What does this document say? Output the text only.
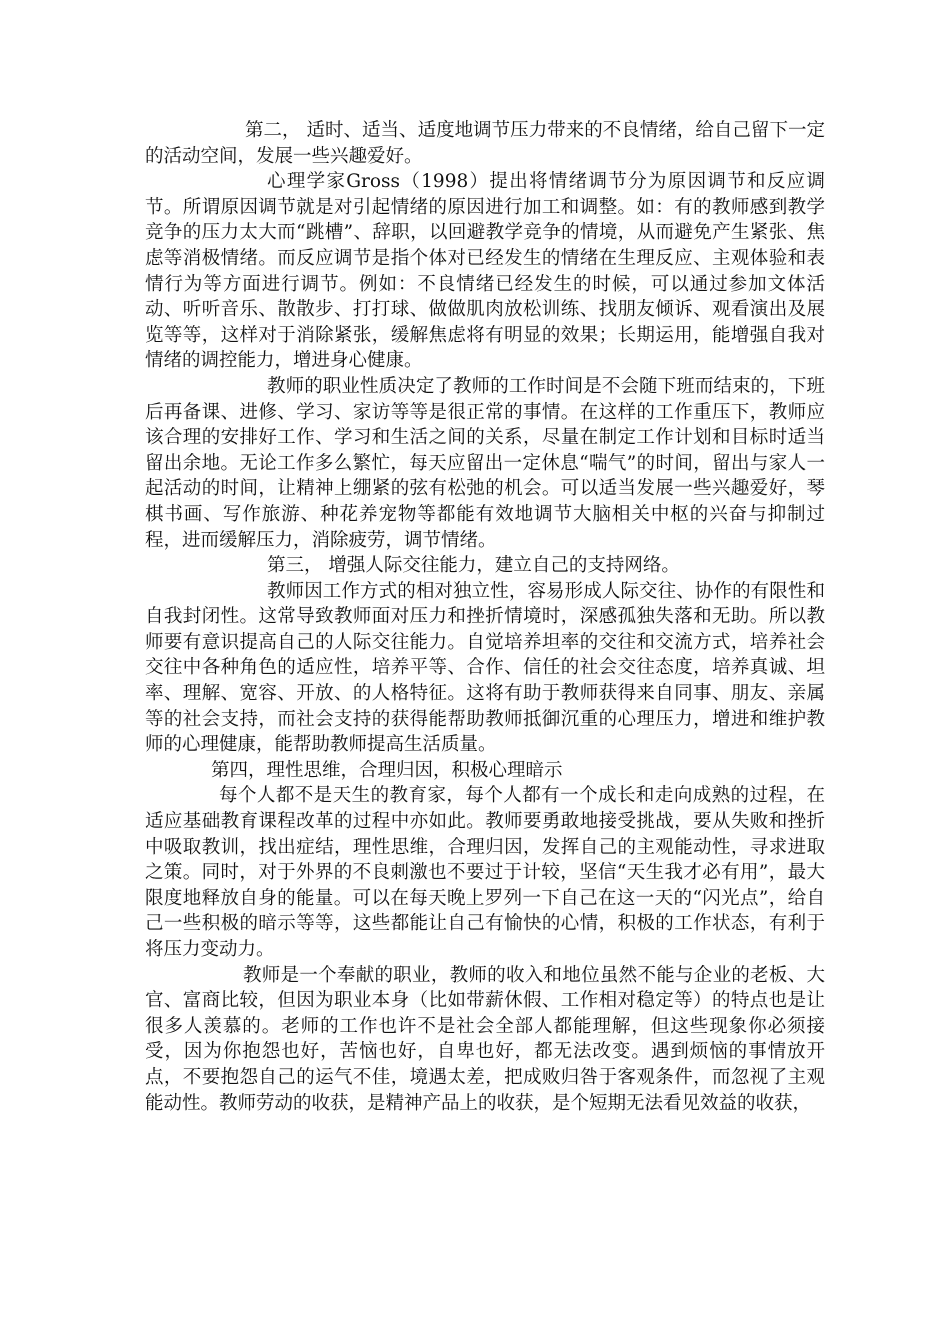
第二， 适时、适当、适度地调节压力带来的不良情绪，给自己留下一定的活动空间，发展一些兴趣爱好。

心理学家Gross（1998）提出将情绪调节分为原因调节和反应调节。所谓原因调节就是对引起情绪的原因进行加工和调整。如：有的教师感到教学竞争的压力太大而“跳槽”、辞职，以回避教学竞争的情境，从而避免产生紧张、焦虑等消极情绪。而反应调节是指个体对已经发生的情绪在生理反应、主观体验和表情行为等方面进行调节。例如：不良情绪已经发生的时候，可以通过参加文体活动、听听音乐、散散步、打打球、做做肌肉放松训练、找朋友倾诉、观看演出及展览等等，这样对于消除紧张，缓解焦虑将有明显的效果；长期运用，能增强自我对情绪的调控能力，增进身心健康。

教师的职业性质决定了教师的工作时间是不会随下班而结束的，下班后再备课、进修、学习、家访等等是很正常的事情。在这样的工作重压下，教师应该合理的安排好工作、学习和生活之间的关系，尽量在制定工作计划和目标时适当留出余地。无论工作多么繁忙，每天应留出一定休息“喘气”的时间，留出与家人一起活动的时间，让精神上绷紧的弦有松弛的机会。可以适当发展一些兴趣爱好，琴棋书画、写作旅游、种花养宠物等都能有效地调节大脑相关中枢的兴奋与抑制过程，进而缓解压力，消除疲劳，调节情绪。

第三， 增强人际交往能力，建立自己的支持网络。

教师因工作方式的相对独立性，容易形成人际交往、协作的有限性和自我封闭性。这常导致教师面对压力和挫折情境时，深感孤独失落和无助。所以教师要有意识提高自己的人际交往能力。自觉培养坦率的交往和交流方式，培养社会交往中各种角色的适应性，培养平等、合作、信任的社会交往态度，培养真诚、坦率、理解、宽容、开放、的人格特征。这将有助于教师获得来自同事、朋友、亲属等的社会支持，而社会支持的获得能帮助教师抵御沉重的心理压力，增进和维护教师的心理健康，能帮助教师提高生活质量。

第四，理性思维，合理归因，积极心理暗示

每个人都不是天生的教育家，每个人都有一个成长和走向成熟的过程，在适应基础教育课程改革的过程中亦如此。教师要勇敢地接受挑战，要从失败和挫折中吸取教训，找出症结，理性思维，合理归因，发挥自己的主观能动性，寻求进取之策。同时，对于外界的不良刺激也不要过于计较，坚信“天生我才必有用”，最大限度地释放自身的能量。可以在每天晚上罗列一下自己在这一天的“闪光点”，给自己一些积极的暗示等等，这些都能让自己有愉快的心情，积极的工作状态，有利于将压力变动力。

教师是一个奉献的职业，教师的收入和地位虽然不能与企业的老板、大官、富商比较，但因为职业本身（比如带薪休假、工作相对稳定等）的特点也是让很多人羡慕的。老师的工作也许不是社会全部人都能理解，但这些现象你必须接受，因为你抱怨也好，苦恼也好，自卑也好，都无法改变。遇到烦恼的事情放开点，不要抱怨自己的运气不佳，境遇太差，把成败归咎于客观条件，而忽视了主观能动性。教师劳动的收获，是精神产品上的收获，是个短期无法看见效益的收获，
